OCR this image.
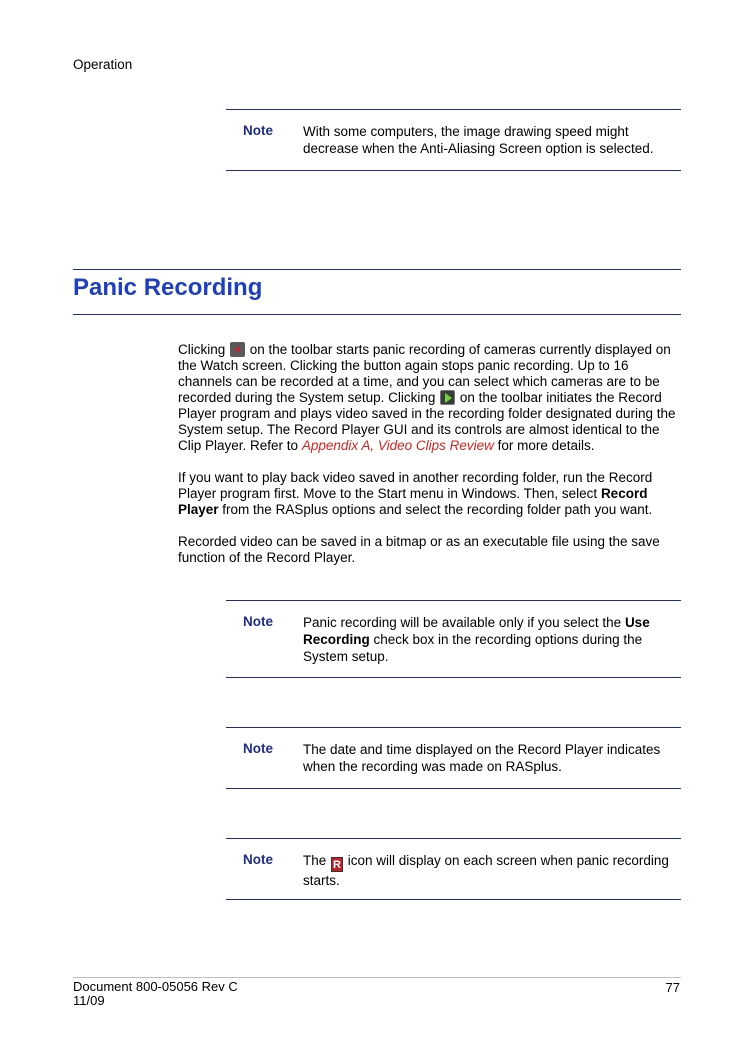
Operation
Note With some computers, the image drawing speed might decrease when the Anti-Aliasing Screen option is selected.
Panic Recording
Clicking  on the toolbar starts panic recording of cameras currently displayed on the Watch screen. Clicking the button again stops panic recording. Up to 16 channels can be recorded at a time, and you can select which cameras are to be recorded during the System setup. Clicking  on the toolbar initiates the Record Player program and plays video saved in the recording folder designated during the System setup. The Record Player GUI and its controls are almost identical to the Clip Player. Refer to Appendix A, Video Clips Review for more details.
If you want to play back video saved in another recording folder, run the Record Player program first. Move to the Start menu in Windows. Then, select Record Player from the RASplus options and select the recording folder path you want.
Recorded video can be saved in a bitmap or as an executable file using the save function of the Record Player.
Note Panic recording will be available only if you select the Use Recording check box in the recording options during the System setup.
Note The date and time displayed on the Record Player indicates when the recording was made on RASplus.
Note The R icon will display on each screen when panic recording starts.
Document 800-05056 Rev C
11/09
77
